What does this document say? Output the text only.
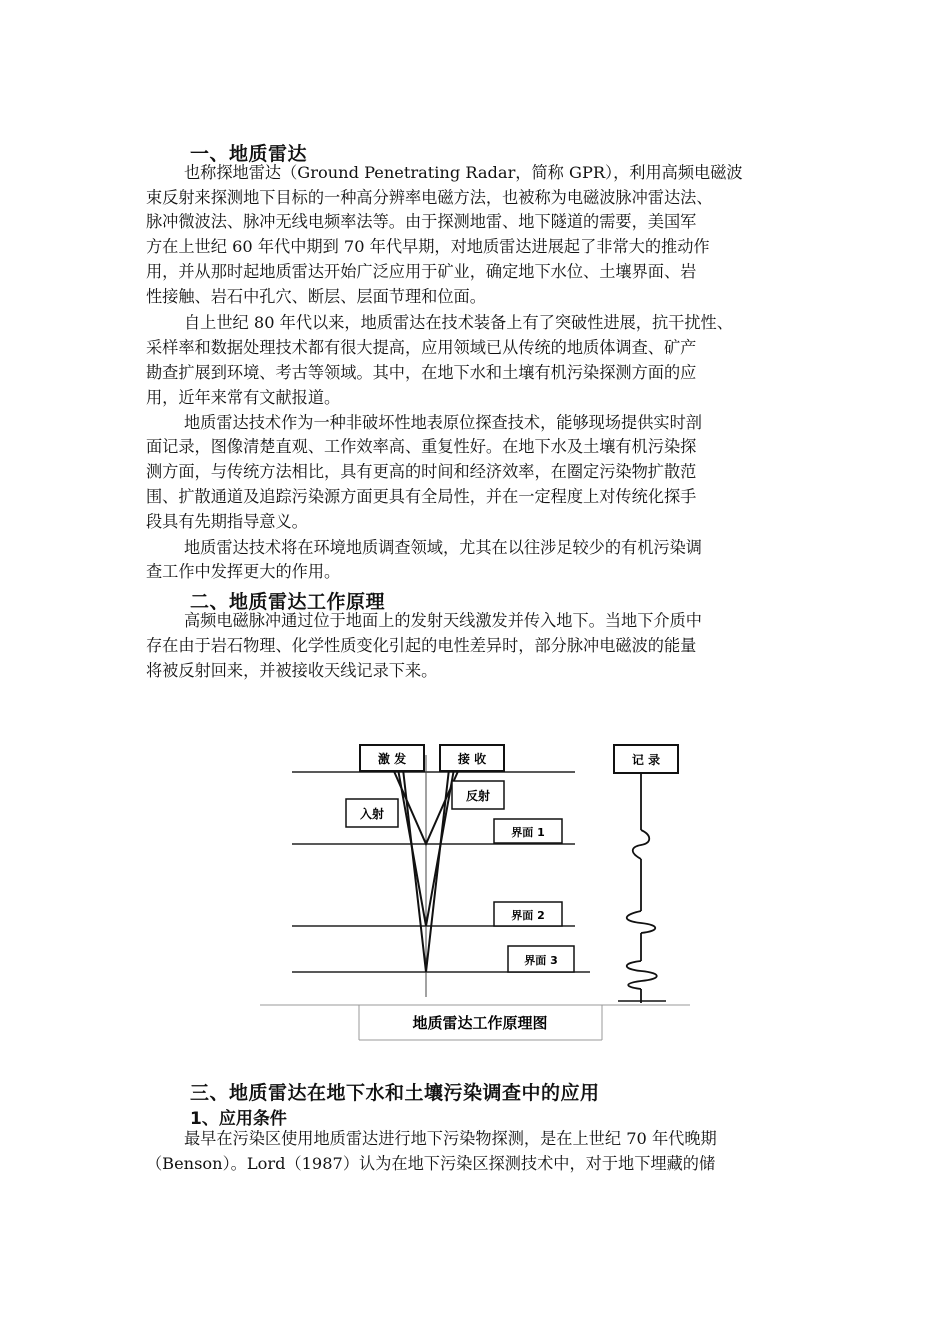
一、地质雷达
也称探地雷达（Ground Penetrating Radar，简称 GPR），利用高频电磁波
束反射来探测地下目标的一种高分辨率电磁方法，也被称为电磁波脉冲雷达法、
脉冲微波法、脉冲无线电频率法等。由于探测地雷、地下隧道的需要，美国军
方在上世纪 60 年代中期到 70 年代早期，对地质雷达进展起了非常大的推动作
用，并从那时起地质雷达开始广泛应用于矿业，确定地下水位、土壤界面、岩
性接触、岩石中孔穴、断层、层面节理和位面。
自上世纪 80 年代以来，地质雷达在技术装备上有了突破性进展，抗干扰性、
采样率和数据处理技术都有很大提高，应用领域已从传统的地质体调查、矿产
勘查扩展到环境、考古等领域。其中，在地下水和土壤有机污染探测方面的应
用，近年来常有文献报道。
地质雷达技术作为一种非破坏性地表原位探查技术，能够现场提供实时剖
面记录，图像清楚直观、工作效率高、重复性好。在地下水及土壤有机污染探
测方面，与传统方法相比，具有更高的时间和经济效率，在圈定污染物扩散范
围、扩散通道及追踪污染源方面更具有全局性，并在一定程度上对传统化探手
段具有先期指导意义。
地质雷达技术将在环境地质调查领域，尤其在以往涉足较少的有机污染调
查工作中发挥更大的作用。
二、地质雷达工作原理
高频电磁脉冲通过位于地面上的发射天线激发并传入地下。当地下介质中
存在由于岩石物理、化学性质变化引起的电性差异时，部分脉冲电磁波的能量
将被反射回来，并被接收天线记录下来。
激 发	接 收
入射
反射
界面 1
界面 2
界面 3
记 录
地质雷达工作原理图
三、地质雷达在地下水和土壤污染调查中的应用
1、应用条件
最早在污染区使用地质雷达进行地下污染物探测，是在上世纪 70 年代晚期
（Benson）。Lord（1987）认为在地下污染区探测技术中，对于地下埋藏的储
